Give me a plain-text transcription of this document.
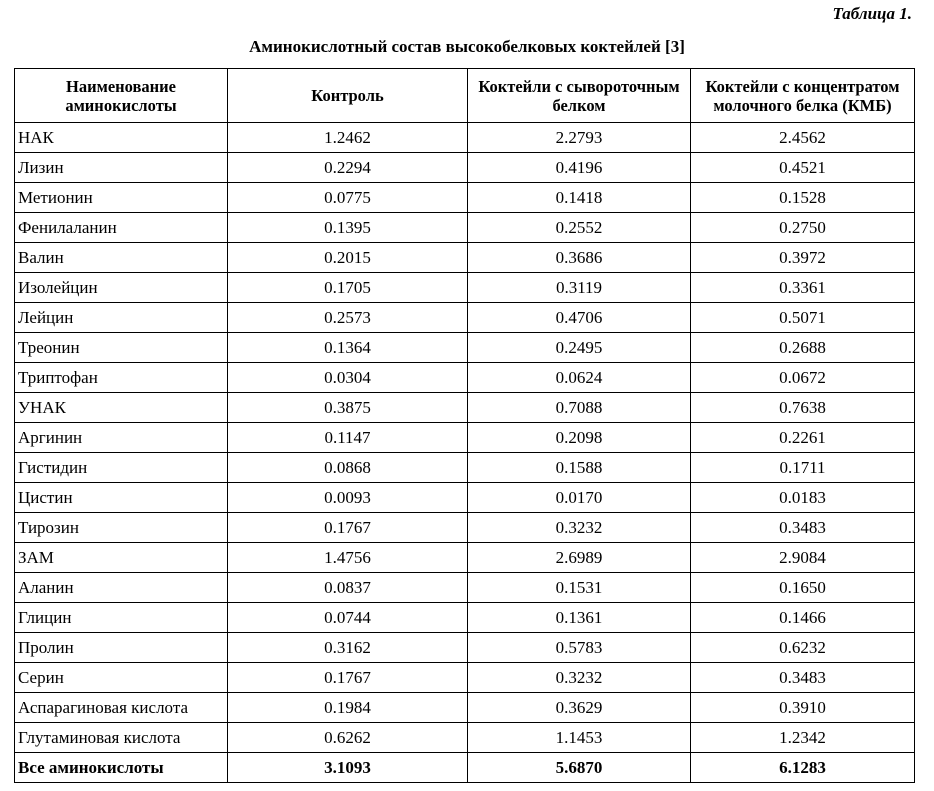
Таблица 1.
Аминокислотный состав высокобелковых коктейлей [3]
Наименование аминокислоты	Контроль	Коктейли с сывороточным белком	Коктейли с концентратом молочного белка (КМБ)
НАК	1.2462	2.2793	2.4562
Лизин	0.2294	0.4196	0.4521
Метионин	0.0775	0.1418	0.1528
Фенилаланин	0.1395	0.2552	0.2750
Валин	0.2015	0.3686	0.3972
Изолейцин	0.1705	0.3119	0.3361
Лейцин	0.2573	0.4706	0.5071
Треонин	0.1364	0.2495	0.2688
Триптофан	0.0304	0.0624	0.0672
УНАК	0.3875	0.7088	0.7638
Аргинин	0.1147	0.2098	0.2261
Гистидин	0.0868	0.1588	0.1711
Цистин	0.0093	0.0170	0.0183
Тирозин	0.1767	0.3232	0.3483
ЗАМ	1.4756	2.6989	2.9084
Аланин	0.0837	0.1531	0.1650
Глицин	0.0744	0.1361	0.1466
Пролин	0.3162	0.5783	0.6232
Серин	0.1767	0.3232	0.3483
Аспарагиновая кислота	0.1984	0.3629	0.3910
Глутаминовая кислота	0.6262	1.1453	1.2342
Все аминокислоты	3.1093	5.6870	6.1283
